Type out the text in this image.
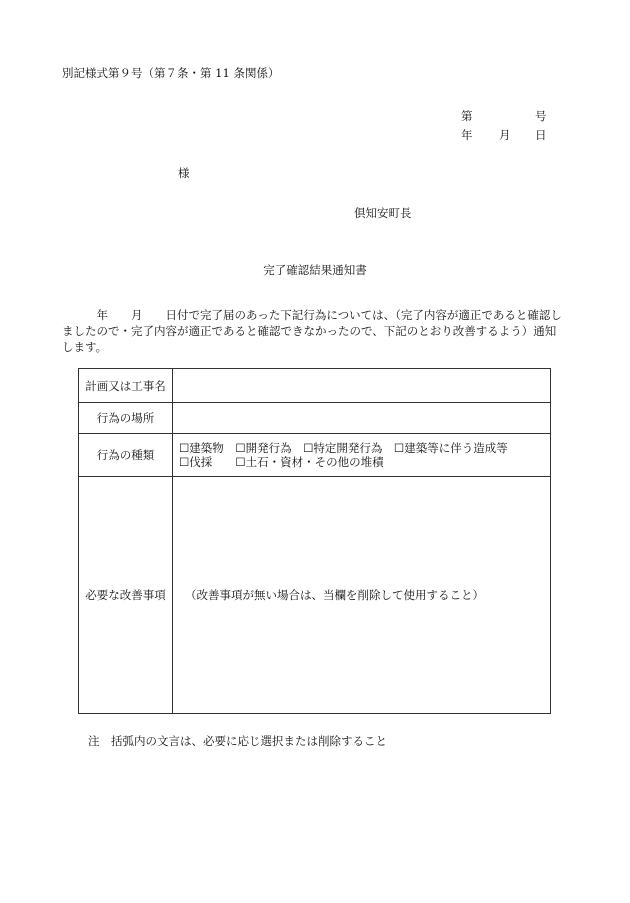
別記様式第９号（第７条・第 11 条関係）
第	号
年 月 日
様
倶知安町長
完了確認結果通知書
　　　年　　月　　日付で完了届のあった下記行為については、（完了内容が適正であると確認し
ましたので・完了内容が適正であると確認できなかったので、下記のとおり改善するよう）通知
します。
計画又は工事名	
行為の場所	
行為の種類	☐建築物　☐開発行為　☐特定開発行為　☐建築等に伴う造成等
☐伐採　　☐土石・資材・その他の堆積

必要な改善事項	（改善事項が無い場合は、当欄を削除して使用すること）
注　括弧内の文言は、必要に応じ選択または削除すること
